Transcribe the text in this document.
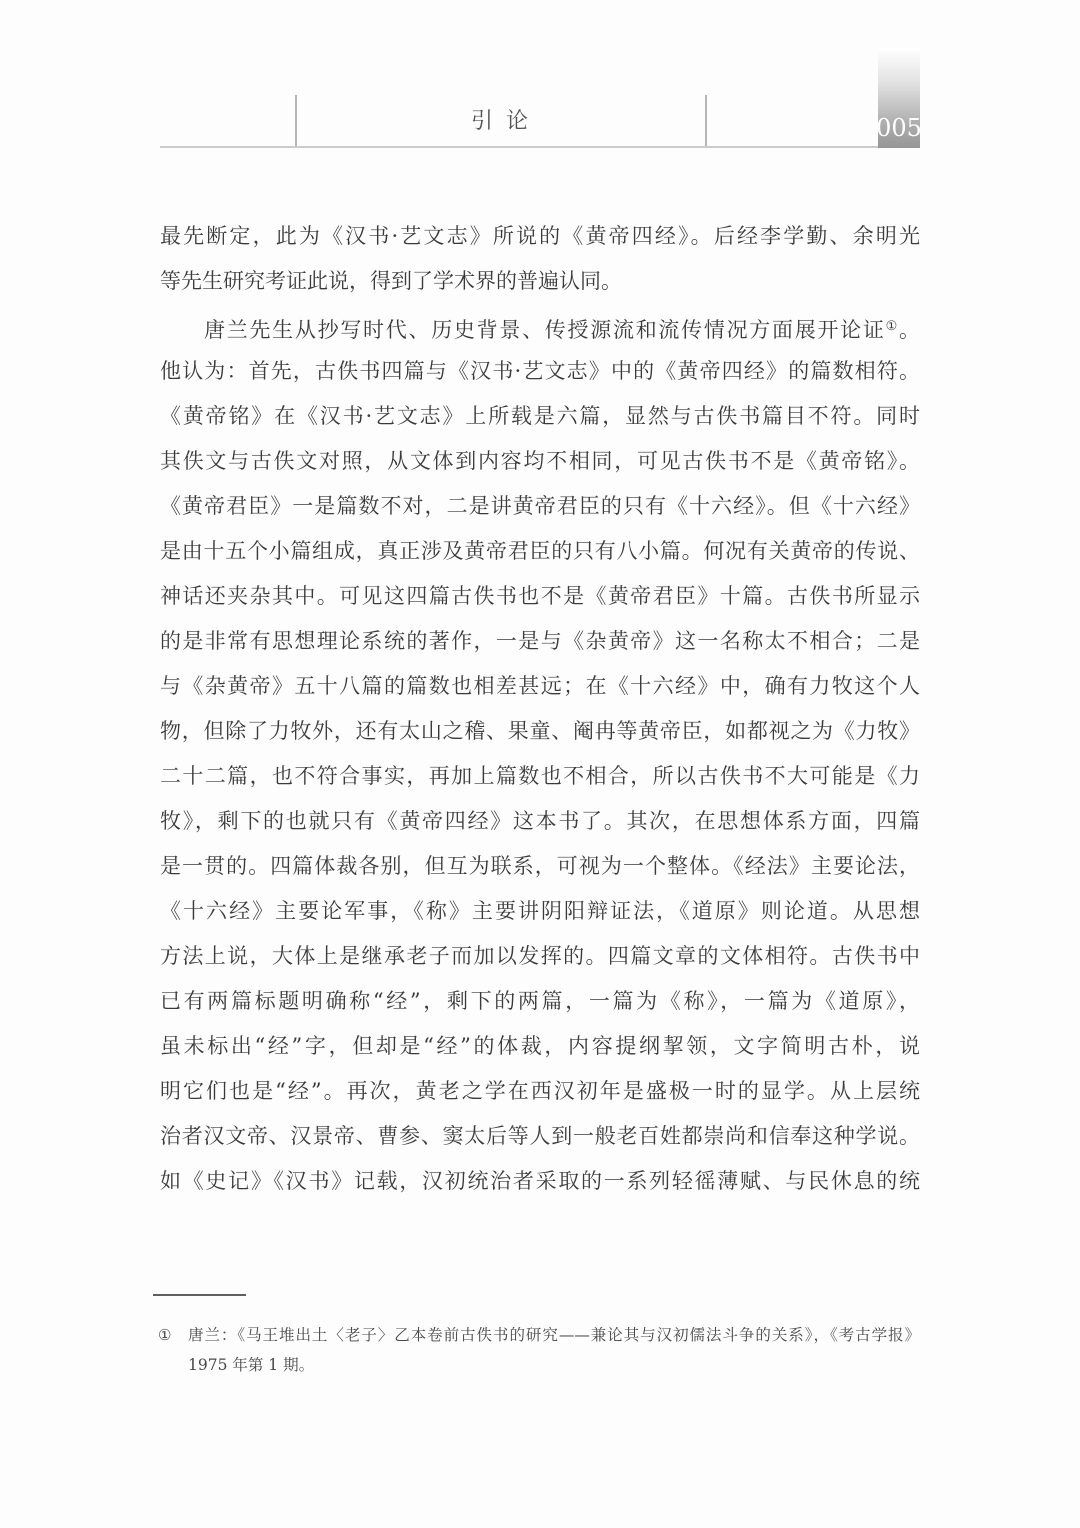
引 论	005
最先断定，此为《汉书·艺文志》所说的《黄帝四经》。后经李学勤、余明光
等先生研究考证此说，得到了学术界的普遍认同。
唐兰先生从抄写时代、历史背景、传授源流和流传情况方面展开论证①。
他认为：首先，古佚书四篇与《汉书·艺文志》中的《黄帝四经》的篇数相符。
《黄帝铭》在《汉书·艺文志》上所载是六篇，显然与古佚书篇目不符。同时
其佚文与古佚文对照，从文体到内容均不相同，可见古佚书不是《黄帝铭》。
《黄帝君臣》一是篇数不对，二是讲黄帝君臣的只有《十六经》。但《十六经》
是由十五个小篇组成，真正涉及黄帝君臣的只有八小篇。何况有关黄帝的传说、
神话还夹杂其中。可见这四篇古佚书也不是《黄帝君臣》十篇。古佚书所显示
的是非常有思想理论系统的著作，一是与《杂黄帝》这一名称太不相合；二是
与《杂黄帝》五十八篇的篇数也相差甚远；在《十六经》中，确有力牧这个人
物，但除了力牧外，还有太山之稽、果童、阉冉等黄帝臣，如都视之为《力牧》
二十二篇，也不符合事实，再加上篇数也不相合，所以古佚书不大可能是《力
牧》，剩下的也就只有《黄帝四经》这本书了。其次，在思想体系方面，四篇
是一贯的。四篇体裁各别，但互为联系，可视为一个整体。《经法》主要论法，
《十六经》主要论军事，《称》主要讲阴阳辩证法，《道原》则论道。从思想
方法上说，大体上是继承老子而加以发挥的。四篇文章的文体相符。古佚书中
已有两篇标题明确称“经”，剩下的两篇，一篇为《称》，一篇为《道原》，
虽未标出“经”字，但却是“经”的体裁，内容提纲挈领，文字简明古朴，说
明它们也是“经”。再次，黄老之学在西汉初年是盛极一时的显学。从上层统
治者汉文帝、汉景帝、曹参、窦太后等人到一般老百姓都崇尚和信奉这种学说。
如《史记》《汉书》记载，汉初统治者采取的一系列轻徭薄赋、与民休息的统
① 唐兰：《马王堆出土〈老子〉乙本卷前古佚书的研究——兼论其与汉初儒法斗争的关系》，《考古学报》
1975 年第 1 期。
